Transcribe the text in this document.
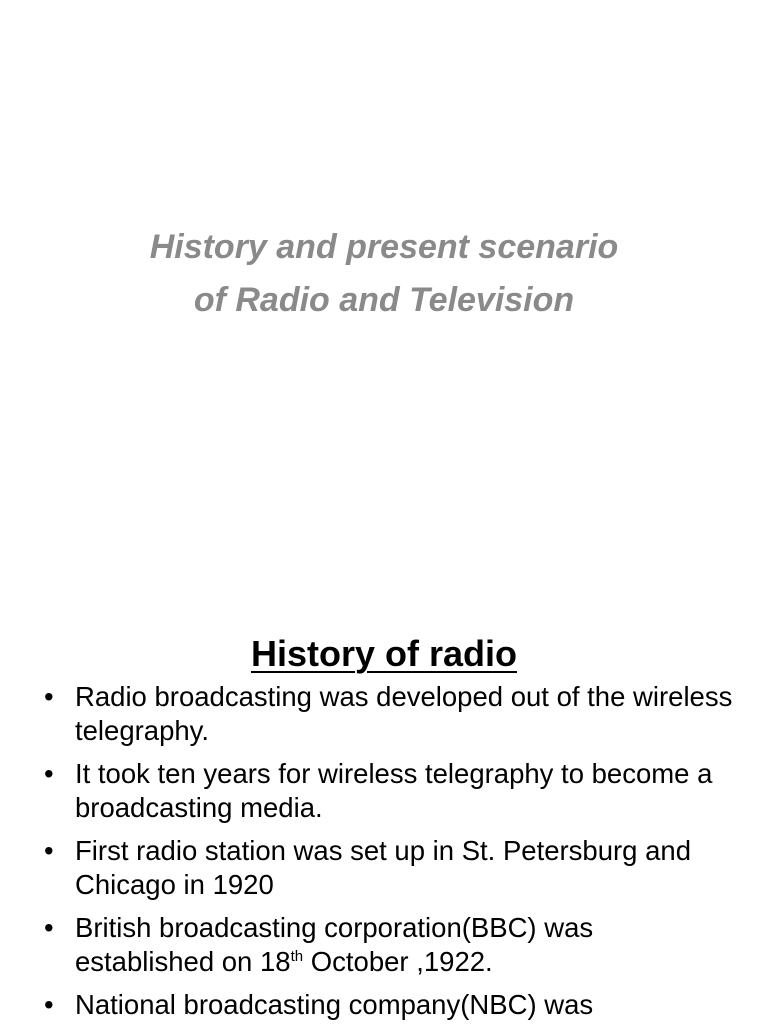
History and present scenario
of Radio and Television
History of radio
• Radio broadcasting was developed out of the wireless telegraphy.
• It took ten years for wireless telegraphy to become a broadcasting media.
• First radio station was set up in St. Petersburg and Chicago in 1920
• British broadcasting corporation(BBC) was established on 18th October ,1922.
• National broadcasting company(NBC) was
